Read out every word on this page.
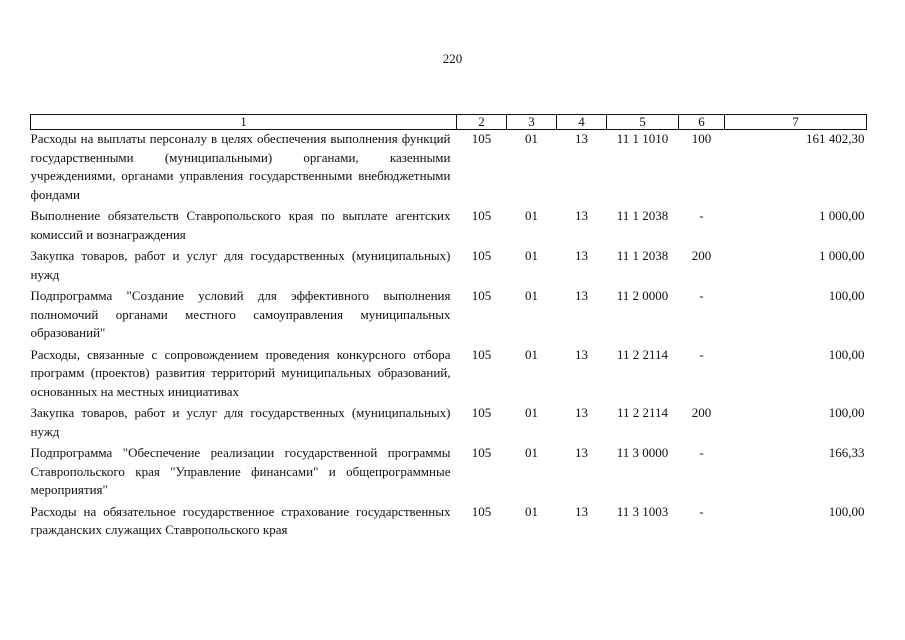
220
1	2	3	4	5	6	7
Расходы на выплаты персоналу в целях обеспечения выполнения функций государственными (муниципальными) органами, казенными учреждениями, органами управления государственными внебюджетными фондами	105	01	13	11 1 1010	100	161 402,30
Выполнение обязательств Ставропольского края по выплате агентских комиссий и вознаграждения	105	01	13	11 1 2038	-	1 000,00
Закупка товаров, работ и услуг для государственных (муниципальных) нужд	105	01	13	11 1 2038	200	1 000,00
Подпрограмма "Создание условий для эффективного выполнения полномочий органами местного самоуправления муниципальных образований"	105	01	13	11 2 0000	-	100,00
Расходы, связанные с сопровождением проведения конкурсного отбора программ (проектов) развития территорий муниципальных образований, основанных на местных инициативах	105	01	13	11 2 2114	-	100,00
Закупка товаров, работ и услуг для государственных (муниципальных) нужд	105	01	13	11 2 2114	200	100,00
Подпрограмма "Обеспечение реализации государственной программы Ставропольского края "Управление финансами" и общепрограммные мероприятия"	105	01	13	11 3 0000	-	166,33
Расходы на обязательное государственное страхование государственных гражданских служащих Ставропольского края	105	01	13	11 3 1003	-	100,00
